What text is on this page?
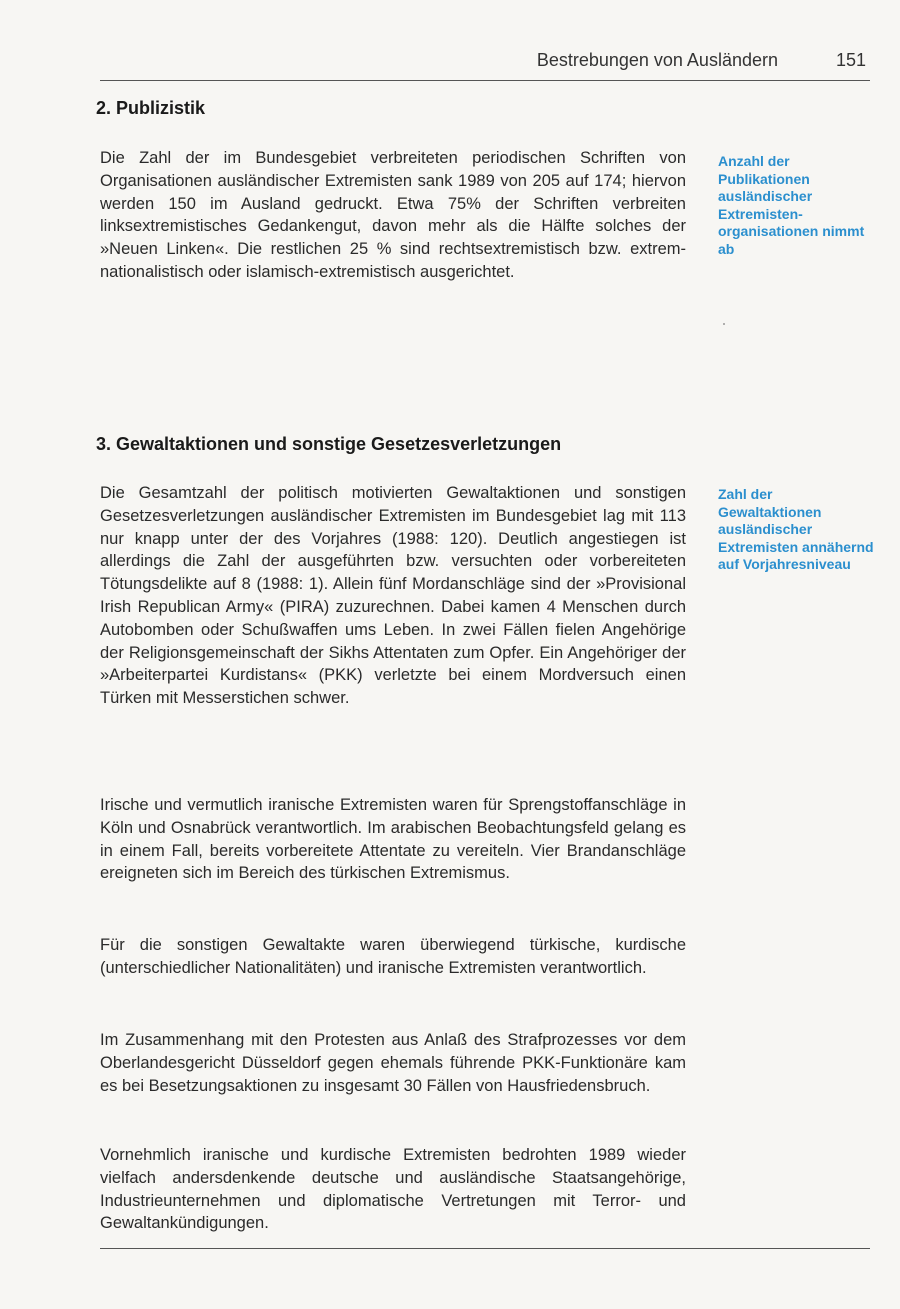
Bestrebungen von Ausländern	151
2. Publizistik

Die Zahl der im Bundesgebiet verbreiteten periodischen Schriften von Organisationen ausländischer Extremisten sank 1989 von 205 auf 174; hiervon werden 150 im Ausland gedruckt. Etwa 75% der Schriften verbreiten linksextremistisches Gedankengut, davon mehr als die Hälfte solches der »Neuen Linken«. Die restlichen 25 % sind rechtsextremistisch bzw. extrem-nationalistisch oder islamisch-extremistisch ausgerichtet.

Anzahl der Publikationen ausländischer Extremisten-organisationen nimmt ab

3. Gewaltaktionen und sonstige Gesetzesverletzungen

Die Gesamtzahl der politisch motivierten Gewaltaktionen und sonstigen Gesetzesverletzungen ausländischer Extremisten im Bundesgebiet lag mit 113 nur knapp unter der des Vorjahres (1988: 120). Deutlich angestiegen ist allerdings die Zahl der ausgeführten bzw. versuchten oder vorbereiteten Tötungsdelikte auf 8 (1988: 1). Allein fünf Mordanschläge sind der »Provisional Irish Republican Army« (PIRA) zuzurechnen. Dabei kamen 4 Menschen durch Autobomben oder Schußwaffen ums Leben. In zwei Fällen fielen Angehörige der Religionsgemeinschaft der Sikhs Attentaten zum Opfer. Ein Angehöriger der »Arbeiterpartei Kurdistans« (PKK) verletzte bei einem Mordversuch einen Türken mit Messerstichen schwer.

Zahl der Gewaltaktionen ausländischer Extremisten annähernd auf Vorjahresniveau

Irische und vermutlich iranische Extremisten waren für Sprengstoffanschläge in Köln und Osnabrück verantwortlich. Im arabischen Beobachtungsfeld gelang es in einem Fall, bereits vorbereitete Attentate zu vereiteln. Vier Brandanschläge ereigneten sich im Bereich des türkischen Extremismus.

Für die sonstigen Gewaltakte waren überwiegend türkische, kurdische (unterschiedlicher Nationalitäten) und iranische Extremisten verantwortlich.

Im Zusammenhang mit den Protesten aus Anlaß des Strafprozesses vor dem Oberlandesgericht Düsseldorf gegen ehemals führende PKK-Funktionäre kam es bei Besetzungsaktionen zu insgesamt 30 Fällen von Hausfriedensbruch.

Vornehmlich iranische und kurdische Extremisten bedrohten 1989 wieder vielfach andersdenkende deutsche und ausländische Staatsangehörige, Industrieunternehmen und diplomatische Vertretungen mit Terror- und Gewaltankündigungen.
